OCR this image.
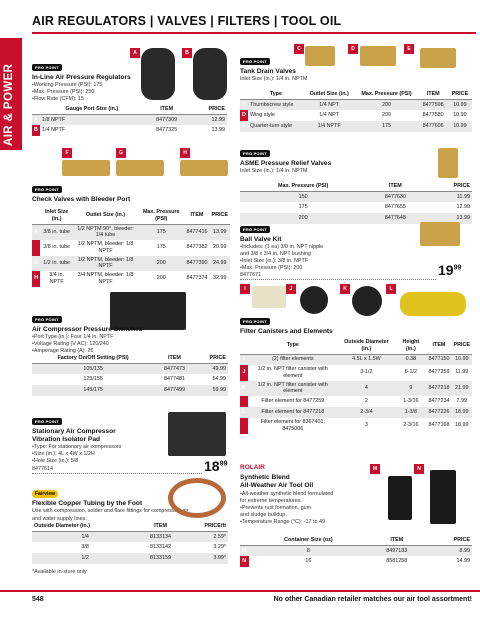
AIR & POWER
AIR REGULATORS | VALVES | FILTERS | TOOL OIL
PRO POINT
In-Line Air Pressure Regulators
•Working Pressure (PSI): 175
•Max. Pressure (PSI): 250
•Flow Rate (CFM): 15
A	B
	Gauge Port Size (in.)	ITEM	PRICE
A	1/8 NPTF	8477309	12.99
B	1/4 NPTF	8477325	13.99
F	G	H
PRO POINT
Check Valves with Bleeder Port
	Inlet Size (in.)	Outlet Size (in.)	Max. Pressure (PSI)	ITEM	PRICE
F	3/8 in. tube	1/2 NPTM 90°, bleeder: 1/4 tube	175	8477416	13.99
	3/8 in. tube	1/2 NPTM, bleeder: 1/8 NPTF	175	8477382	20.99
G	1/2 in. tube	1/2 NPTM, bleeder: 1/8 NPTF	200	8477390	24.99
H	3/4 in. NPTF	3/4 NPTM, bleeder: 1/8 NPTF	200	8477374	32.99
PRO POINT
Air Compressor Pressure Switches
•Port Type (in.): Four 1/4 in. NPTF
•Voltage Rating (V AC): 120/240
•Amperage Rating (A): 26
Factory On/Off Setting (PSI)	ITEM	PRICE
105/135	8477473	49.99
125/155	8477481	54.99
145/175	8477499	59.99
PRO POINT
Stationary Air Compressor
Vibration Isolator Pad
•Type: For stationary air compressors
•Size (in.): 4L x 4W x 1/2H
•Hole Size (in.): 5/8
8477614	$18^{99}$
Fairview
Flexible Copper Tubing by the Foot
Use with compression, solder and flare fittings for compressed-air and water supply lines.
Outside Diameter (in.)	ITEM	PRICE/ft
1/4	8133134	2.59*
3/8	8133142	3.29*
1/2	8133159	3.99*
*Available in-store only
C	D	E
PRO POINT
Tank Drain Valves
Inlet Size (in.): 1/4 in. NPTM
	Type	Outlet Size (in.)	Max. Pressure (PSI)	ITEM	PRICE
C	Thumbscrew style	1/4 NPT	200	8477598	10.99
D	Wing style	1/4 NPT	200	8477580	10.99
E	Quarter-turn style	1/4 NPTF	175	8477606	10.99
PRO POINT
ASME Pressure Relief Valves
Inlet Size (in.): 1/4 in. NPTM
Max. Pressure (PSI)	ITEM	PRICE
150	8477630	11.99
175	8477655	12.99
200	8477648	13.99
PRO POINT
Ball Valve Kit
•Includes: (1 ea) 3/8 in. NPT nipple
and 3/8 x 3/4 in. NPT bushing
•Inlet Size (in.): 3/8 in. NPTF
•Max. Pressure (PSI): 200
8477671	$19^{99}$
I	J	K	L
PRO POINT
Filter Canisters and Elements
	Type	Outside Diameter (in.)	Height (in.)	ITEM	PRICE
I	(2) filter elements	4.5L x 1.5W	0.38	8477150	10.99
J	1/2 in. NPT filter canister with element	3-1/2	6-1/2	8477259	11.99
K	1/2 in. NPT filter canister with element	4	9	8477218	21.99
	Filter element for 8477259	2	1-3/16	8477234	7.99
L	Filter element for 8477218	2-3/4	1-3/8	8477226	18.99
	Filter element for 8367401; 8475006	3	2-3/16	8477168	18.99
M	N
ROLAIR
Synthetic Blend
All-Weather Air Tool Oil
•All-weather synthetic blend formulated
for extreme temperatures.
•Prevents rust formation, gum
and sludge buildup.
•Temperature Range (°C): -17 to 49
	Container Size (oz)	ITEM	PRICE
M	8	8497133	8.99
N	16	8581258	14.99
548	No other Canadian retailer matches our air tool assortment!
